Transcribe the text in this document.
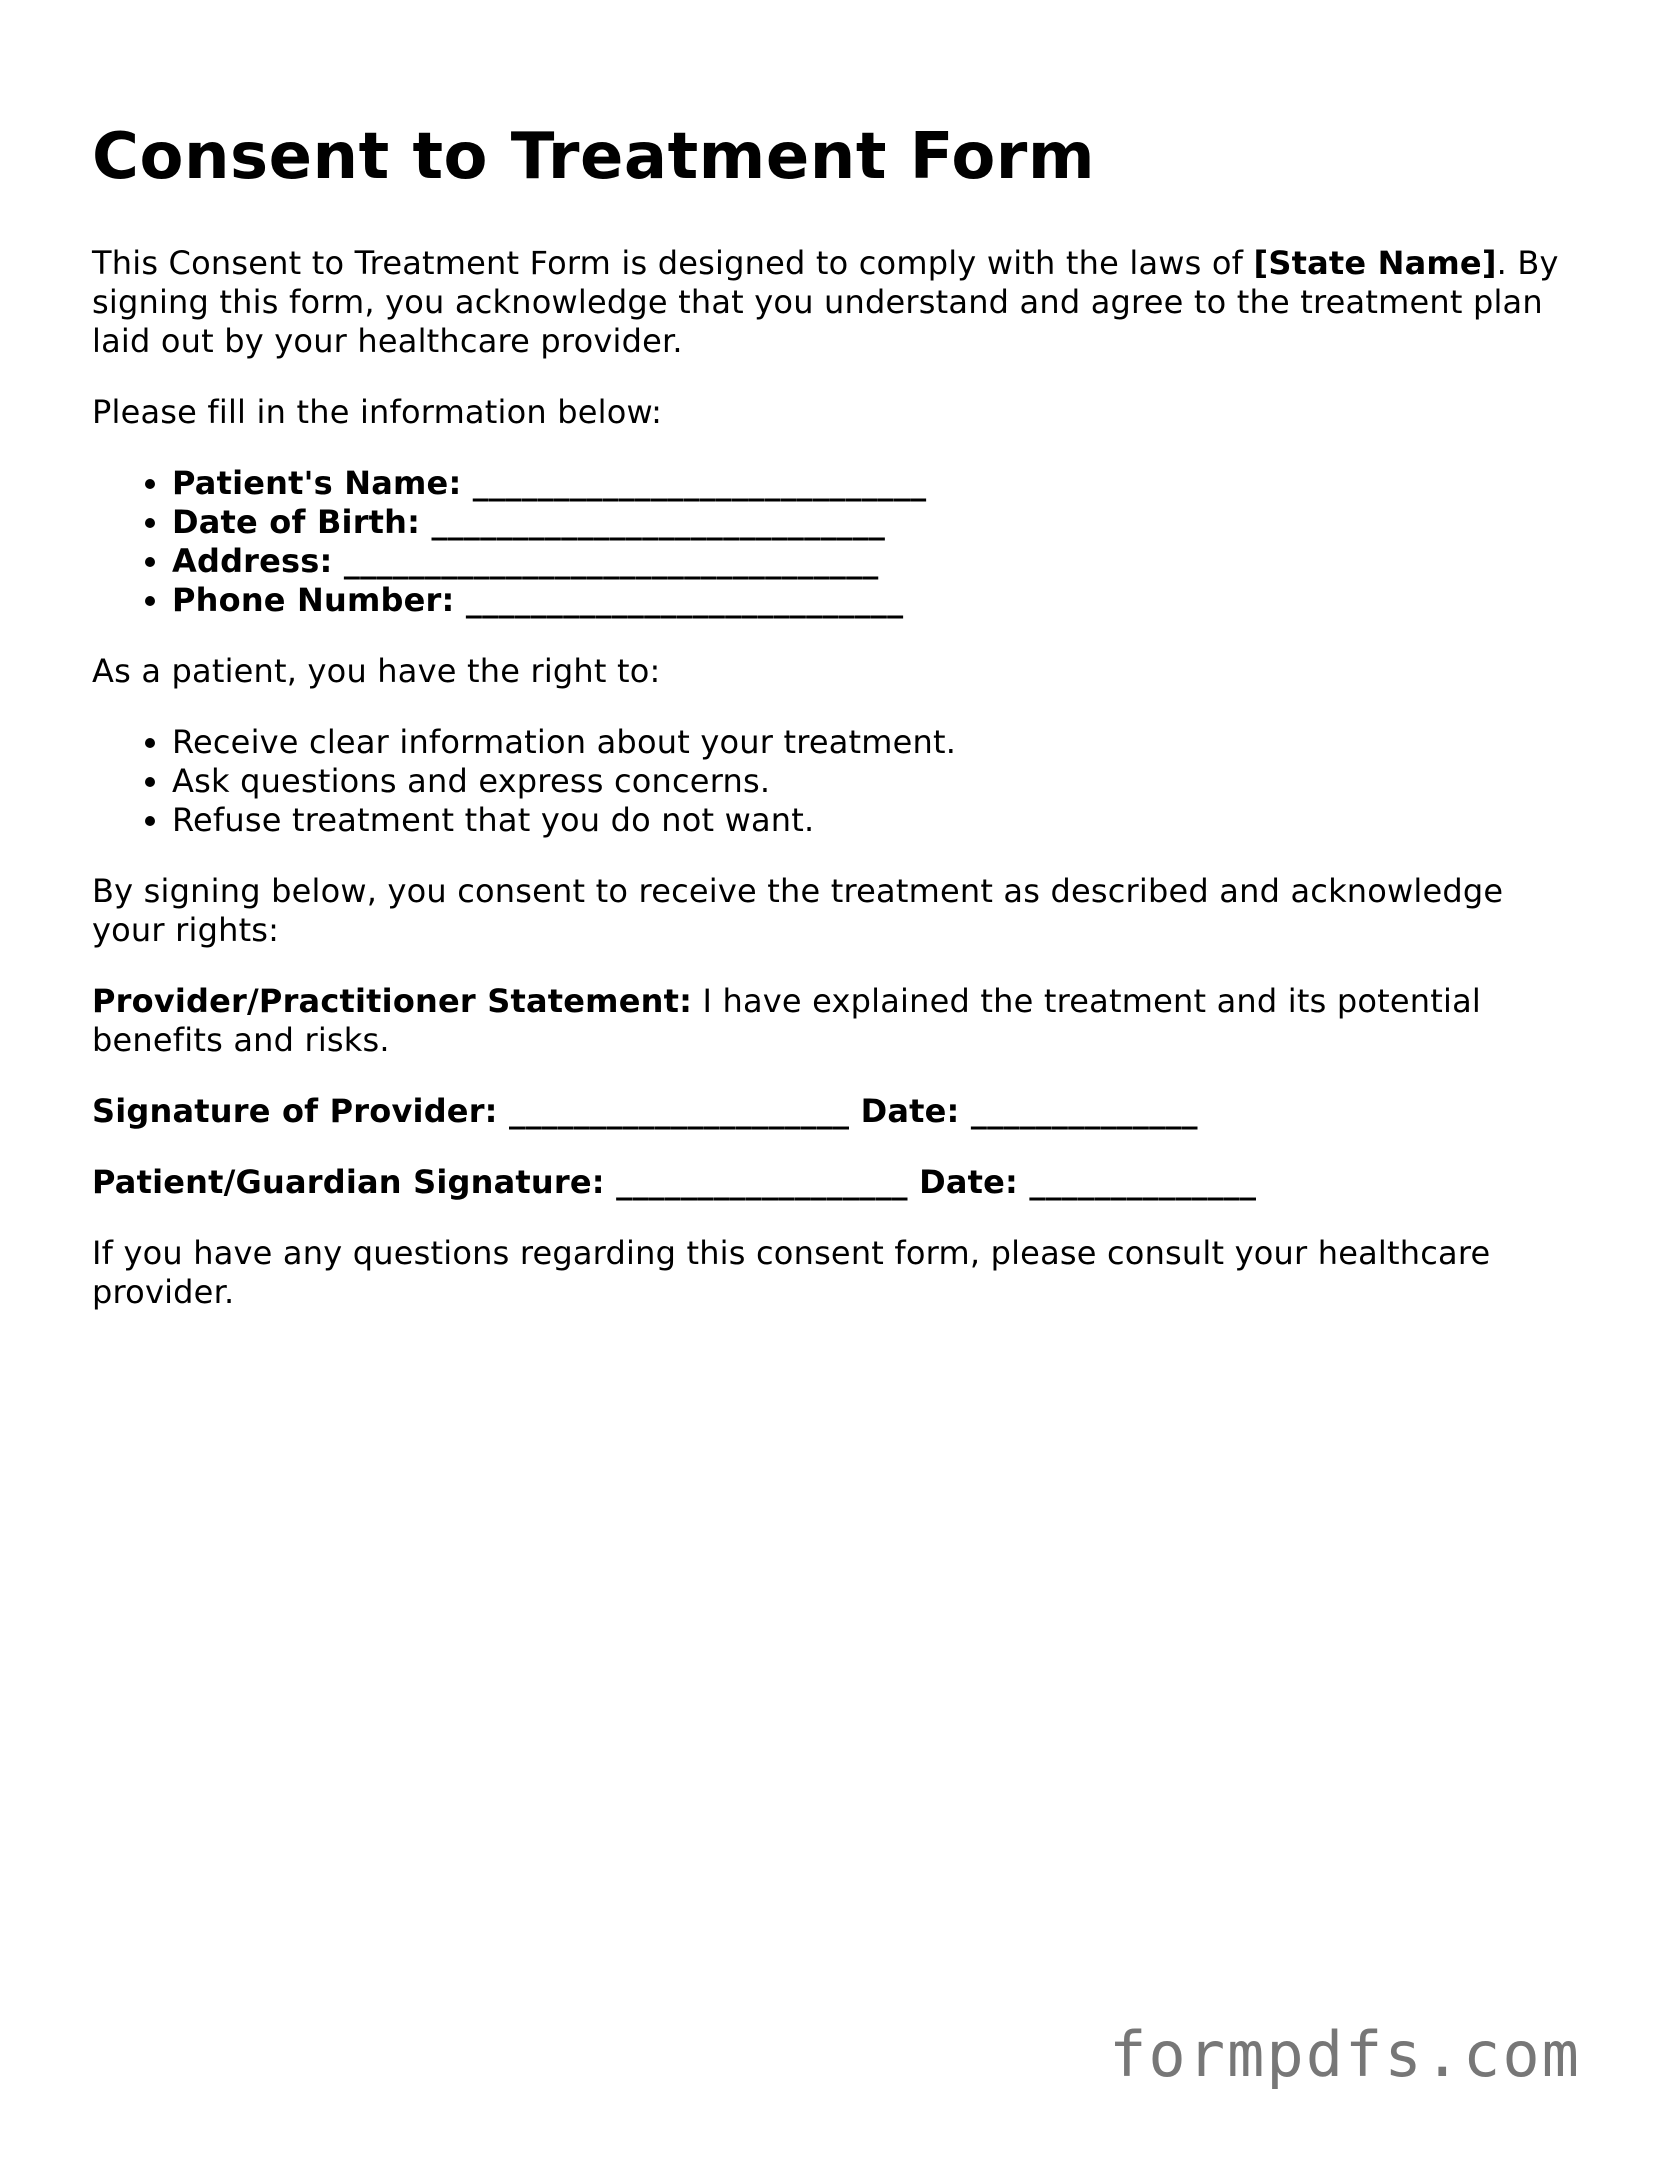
Consent to Treatment Form

This Consent to Treatment Form is designed to comply with the laws of [State Name]. By signing this form, you acknowledge that you understand and agree to the treatment plan laid out by your healthcare provider.

Please fill in the information below:

• Patient's Name: ____________________________
• Date of Birth: ____________________________
• Address: _________________________________
• Phone Number: ___________________________

As a patient, you have the right to:

• Receive clear information about your treatment.
• Ask questions and express concerns.
• Refuse treatment that you do not want.

By signing below, you consent to receive the treatment as described and acknowledge your rights:

Provider/Practitioner Statement: I have explained the treatment and its potential benefits and risks.

Signature of Provider: _____________________ Date: ______________

Patient/Guardian Signature: __________________ Date: ______________

If you have any questions regarding this consent form, please consult your healthcare provider.

formpdfs.com
